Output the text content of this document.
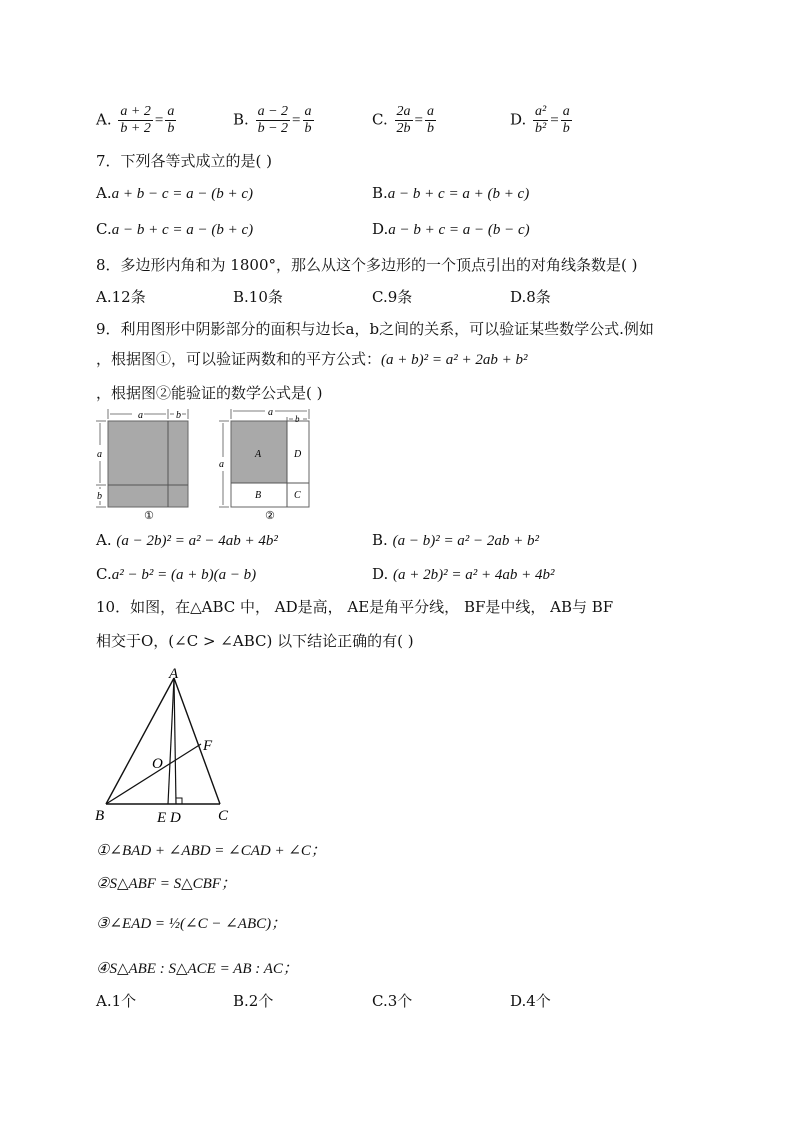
A. $\frac{a + 2}{b + 2} = \frac{a}{b}$	B. $\frac{a - 2}{b - 2} = \frac{a}{b}$	C. $\frac{2a}{2b} = \frac{a}{b}$	D. $\frac{\text{a²}}{\text{b²}} = \frac{a}{b}$
7．下列各等式成立的是( )
A.a + b − c = a − (b + c)	B.a − b + c = a + (b + c)
C.a − b + c = a − (b + c)	D.a − b + c = a − (b − c)
8．多边形内角和为 1800°，那么从这个多边形的一个顶点引出的对角线条数是( )
A.12条	B.10条	C.9条	D.8条
9．利用图形中阴影部分的面积与边长a，b之间的关系，可以验证某些数学公式.例如
，根据图①，可以验证两数和的平方公式：(a + b)² = a² + 2ab + b²
，根据图②能验证的数学公式是( )
a	b
a
b
①
a
b
a
A	D
B	C
②
A. (a − 2b)² = a² − 4ab + 4b²	B. (a − b)² = a² − 2ab + b²
C.a² − b² = (a + b)(a − b)	D. (a + 2b)² = a² + 4ab + 4b²
10．如图，在△ABC 中， AD是高， AE是角平分线， BF是中线， AB与 BF
相交于O，(∠C > ∠ABC) 以下结论正确的有( )
A
B	C
E D
F
O
①∠BAD + ∠ABD = ∠CAD + ∠C；
②S△ABF = S△CBF；
③∠EAD = ½(∠C − ∠ABC)；
④S△ABE : S△ACE = AB : AC；
A.1个	B.2个	C.3个	D.4个
